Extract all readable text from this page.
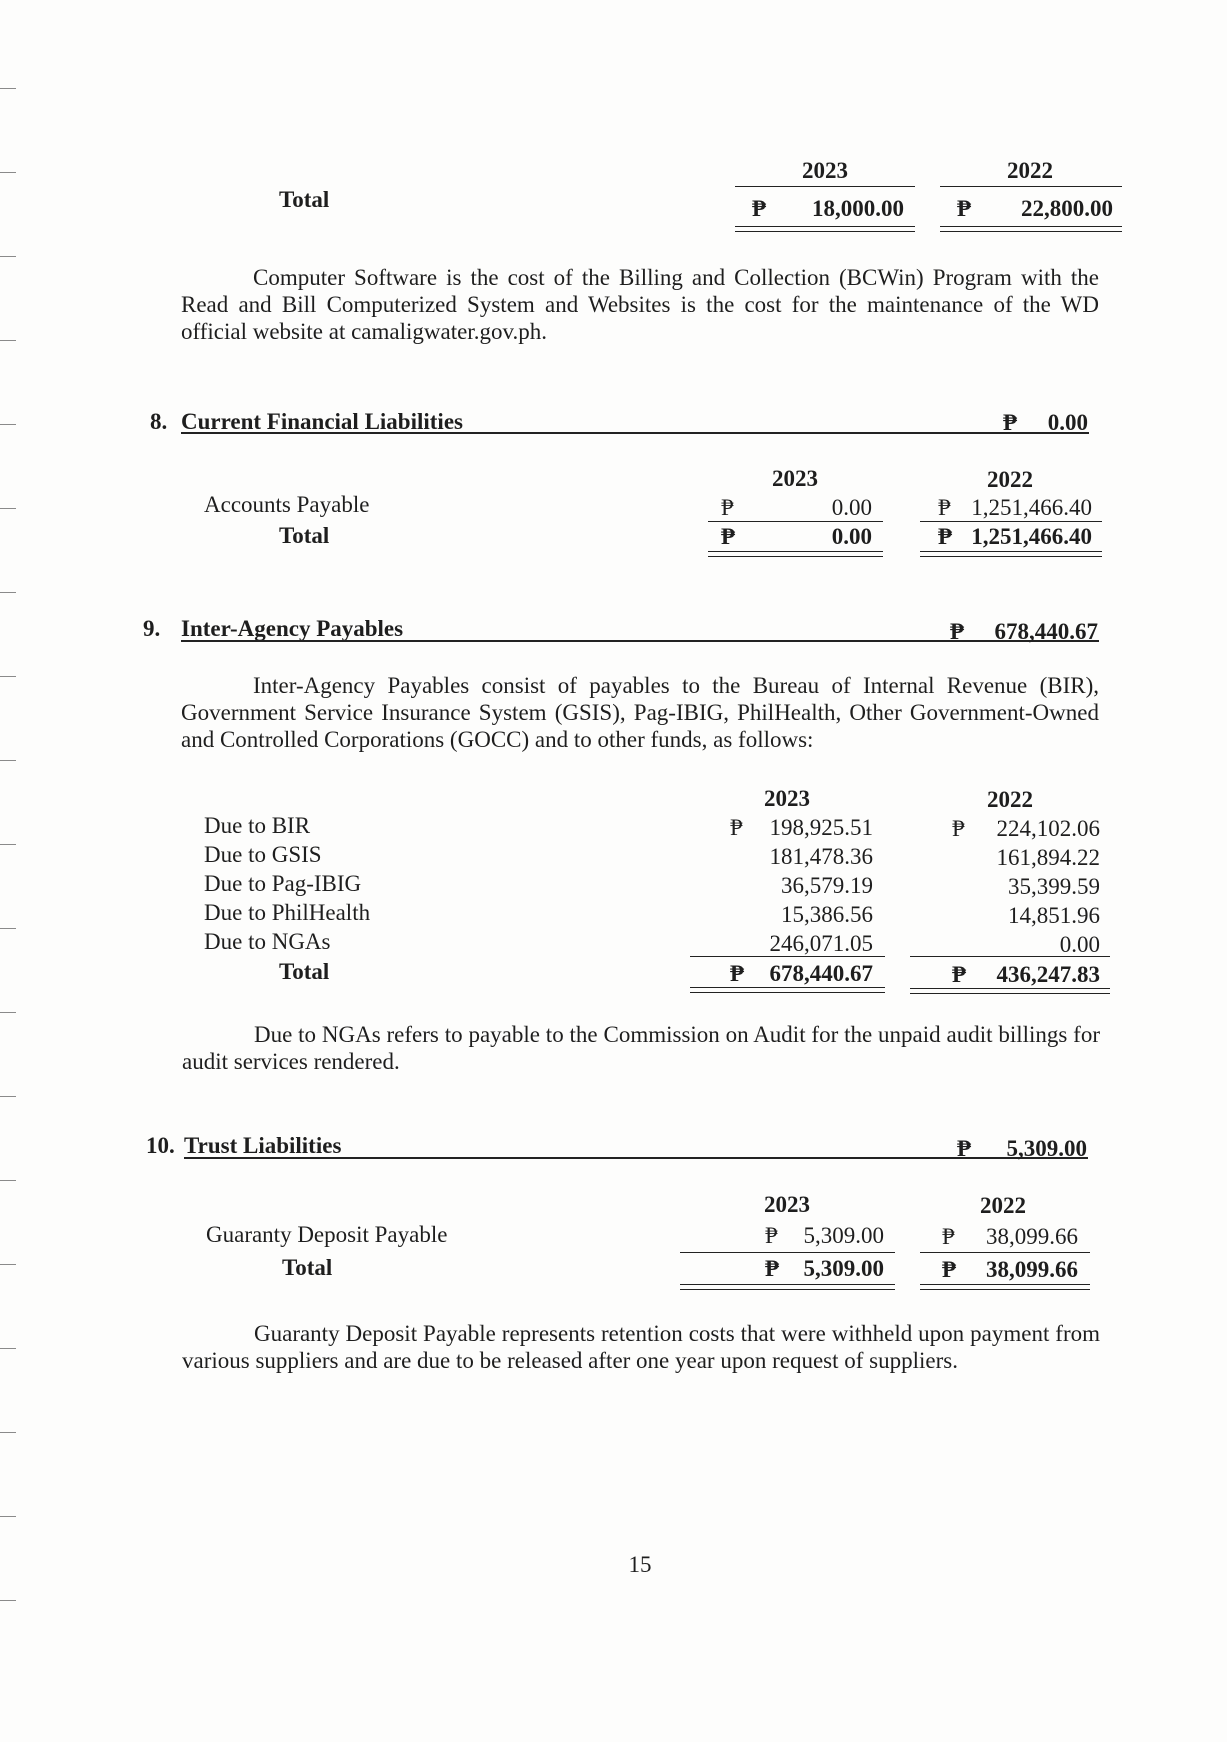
2023	2022
Total	₱	18,000.00 ₱	22,800.00

Computer Software is the cost of the Billing and Collection (BCWin) Program with the Read and Bill Computerized System and Websites is the cost for the maintenance of the WD official website at camaligwater.gov.ph.

8. Current Financial Liabilities	₱	0.00
2023	2022
Accounts Payable	₱	0.00	₱ 1,251,466.40
Total	₱	0.00	₱ 1,251,466.40
9. Inter-Agency Payables	₱	678,440.67

Inter-Agency Payables consist of payables to the Bureau of Internal Revenue (BIR), Government Service Insurance System (GSIS), Pag-IBIG, PhilHealth, Other Government-Owned and Controlled Corporations (GOCC) and to other funds, as follows:

2023	2022
₱	₱
Due to BIR	198,925.51	224,102.06
Due to GSIS	181,478.36	161,894.22
Due to Pag-IBIG	36,579.19	35,399.59
Due to PhilHealth	15,386.56	14,851.96
Due to NGAs	246,071.05	0.00
Total	₱	678,440.67	₱	436,247.83

Due to NGAs refers to payable to the Commission on Audit for the unpaid audit billings for audit services rendered.

10. Trust Liabilities	₱	5,309.00
2023	2022
Guaranty Deposit Payable	₱	5,309.00	₱	38,099.66
Total	₱	5,309.00	₱	38,099.66

Guaranty Deposit Payable represents retention costs that were withheld upon payment from various suppliers and are due to be released after one year upon request of suppliers.

15
